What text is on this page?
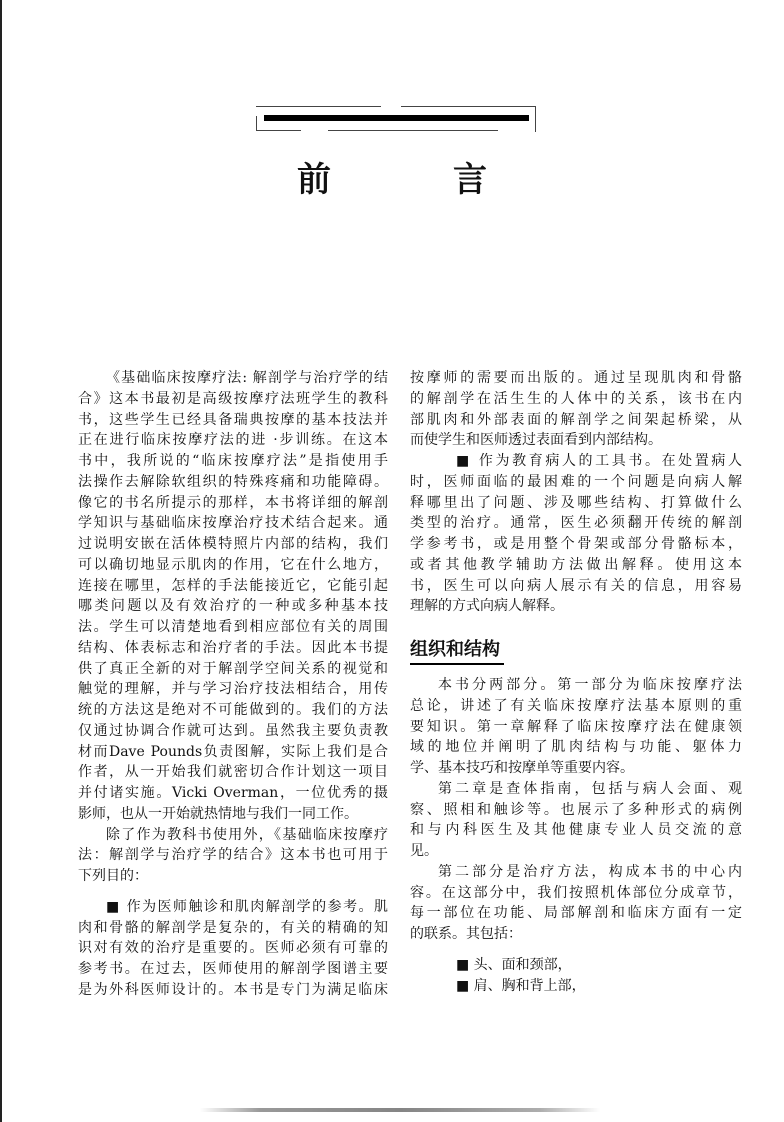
前　言
《基础临床按摩疗法: 解剖学与治疗学的结
合》这本书最初是高级按摩疗法班学生的教科
书，这些学生已经具备瑞典按摩的基本技法并
正在进行临床按摩疗法的进 ·步训练。在这本
书中，我所说的“临床按摩疗法”是指使用手
法操作去解除软组织的特殊疼痛和功能障碍。
像它的书名所提示的那样，本书将详细的解剖
学知识与基础临床按摩治疗技术结合起来。通
过说明安嵌在活体模特照片内部的结构，我们
可以确切地显示肌肉的作用，它在什么地方，
连接在哪里，怎样的手法能接近它，它能引起
哪类问题以及有效治疗的一种或多种基本技
法。学生可以清楚地看到相应部位有关的周围
结构、体表标志和治疗者的手法。因此本书提
供了真正全新的对于解剖学空间关系的视觉和
触觉的理解，并与学习治疗技法相结合，用传
统的方法这是绝对不可能做到的。我们的方法
仅通过协调合作就可达到。虽然我主要负责教
材而Dave Pounds负责图解，实际上我们是合
作者，从一开始我们就密切合作计划这一项目
并付诸实施。Vicki Overman，一位优秀的摄
影师，也从一开始就热情地与我们一同工作。
除了作为教科书使用外，《基础临床按摩疗
法：解剖学与治疗学的结合》这本书也可用于
下列目的：
■ 作为医师触诊和肌肉解剖学的参考。肌
肉和骨骼的解剖学是复杂的，有关的精确的知
识对有效的治疗是重要的。医师必须有可靠的
参考书。在过去，医师使用的解剖学图谱主要
是为外科医师设计的。本书是专门为满足临床
按摩师的需要而出版的。通过呈现肌肉和骨骼
的解剖学在活生生的人体中的关系，该书在内
部肌肉和外部表面的解剖学之间架起桥梁，从
而使学生和医师透过表面看到内部结构。
■ 作为教育病人的工具书。在处置病人
时，医师面临的最困难的一个问题是向病人解
释哪里出了问题、涉及哪些结构、打算做什么
类型的治疗。通常，医生必须翻开传统的解剖
学参考书，或是用整个骨架或部分骨骼标本，
或者其他教学辅助方法做出解释。使用这本
书，医生可以向病人展示有关的信息，用容易
理解的方式向病人解释。
组织和结构
本书分两部分。第一部分为临床按摩疗法
总论，讲述了有关临床按摩疗法基本原则的重
要知识。第一章解释了临床按摩疗法在健康领
域的地位并阐明了肌肉结构与功能、躯体力
学、基本技巧和按摩单等重要内容。
第二章是查体指南，包括与病人会面、观
察、照相和触诊等。也展示了多种形式的病例
和与内科医生及其他健康专业人员交流的意
见。
第二部分是治疗方法，构成本书的中心内
容。在这部分中，我们按照机体部位分成章节，
每一部位在功能、局部解剖和临床方面有一定
的联系。其包括：
■ 头、面和颈部，
■ 肩、胸和背上部，
